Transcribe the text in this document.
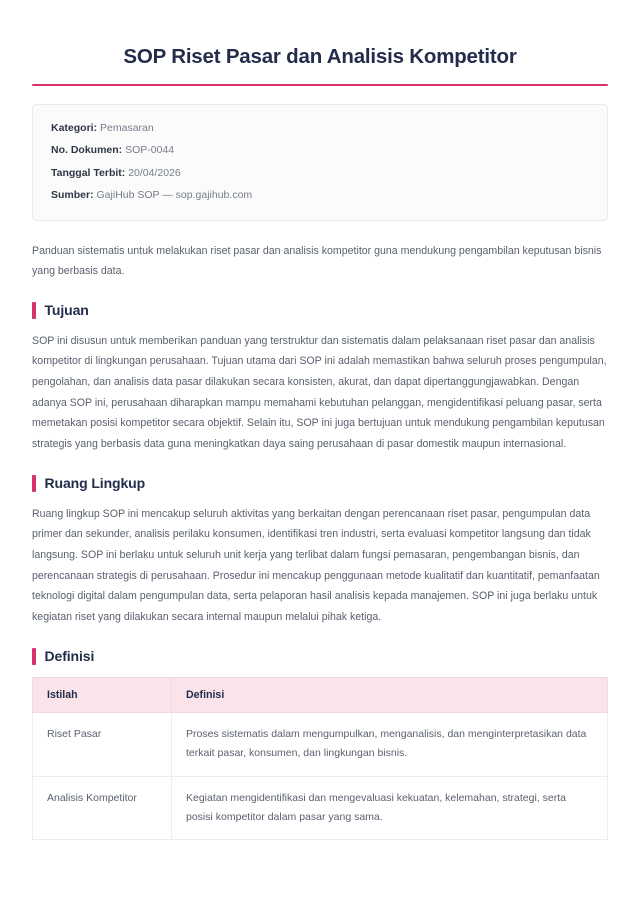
SOP Riset Pasar dan Analisis Kompetitor
Kategori: Pemasaran
No. Dokumen: SOP-0044
Tanggal Terbit: 20/04/2026
Sumber: GajiHub SOP — sop.gajihub.com

Panduan sistematis untuk melakukan riset pasar dan analisis kompetitor guna mendukung pengambilan keputusan bisnis yang berbasis data.

Tujuan

SOP ini disusun untuk memberikan panduan yang terstruktur dan sistematis dalam pelaksanaan riset pasar dan analisis kompetitor di lingkungan perusahaan. Tujuan utama dari SOP ini adalah memastikan bahwa seluruh proses pengumpulan, pengolahan, dan analisis data pasar dilakukan secara konsisten, akurat, dan dapat dipertanggungjawabkan. Dengan adanya SOP ini, perusahaan diharapkan mampu memahami kebutuhan pelanggan, mengidentifikasi peluang pasar, serta memetakan posisi kompetitor secara objektif. Selain itu, SOP ini juga bertujuan untuk mendukung pengambilan keputusan strategis yang berbasis data guna meningkatkan daya saing perusahaan di pasar domestik maupun internasional.

Ruang Lingkup

Ruang lingkup SOP ini mencakup seluruh aktivitas yang berkaitan dengan perencanaan riset pasar, pengumpulan data primer dan sekunder, analisis perilaku konsumen, identifikasi tren industri, serta evaluasi kompetitor langsung dan tidak langsung. SOP ini berlaku untuk seluruh unit kerja yang terlibat dalam fungsi pemasaran, pengembangan bisnis, dan perencanaan strategis di perusahaan. Prosedur ini mencakup penggunaan metode kualitatif dan kuantitatif, pemanfaatan teknologi digital dalam pengumpulan data, serta pelaporan hasil analisis kepada manajemen. SOP ini juga berlaku untuk kegiatan riset yang dilakukan secara internal maupun melalui pihak ketiga.

Definisi
Istilah	Definisi
Riset Pasar	Proses sistematis dalam mengumpulkan, menganalisis, dan menginterpretasikan data terkait pasar, konsumen, dan lingkungan bisnis.
Analisis Kompetitor	Kegiatan mengidentifikasi dan mengevaluasi kekuatan, kelemahan, strategi, serta posisi kompetitor dalam pasar yang sama.
